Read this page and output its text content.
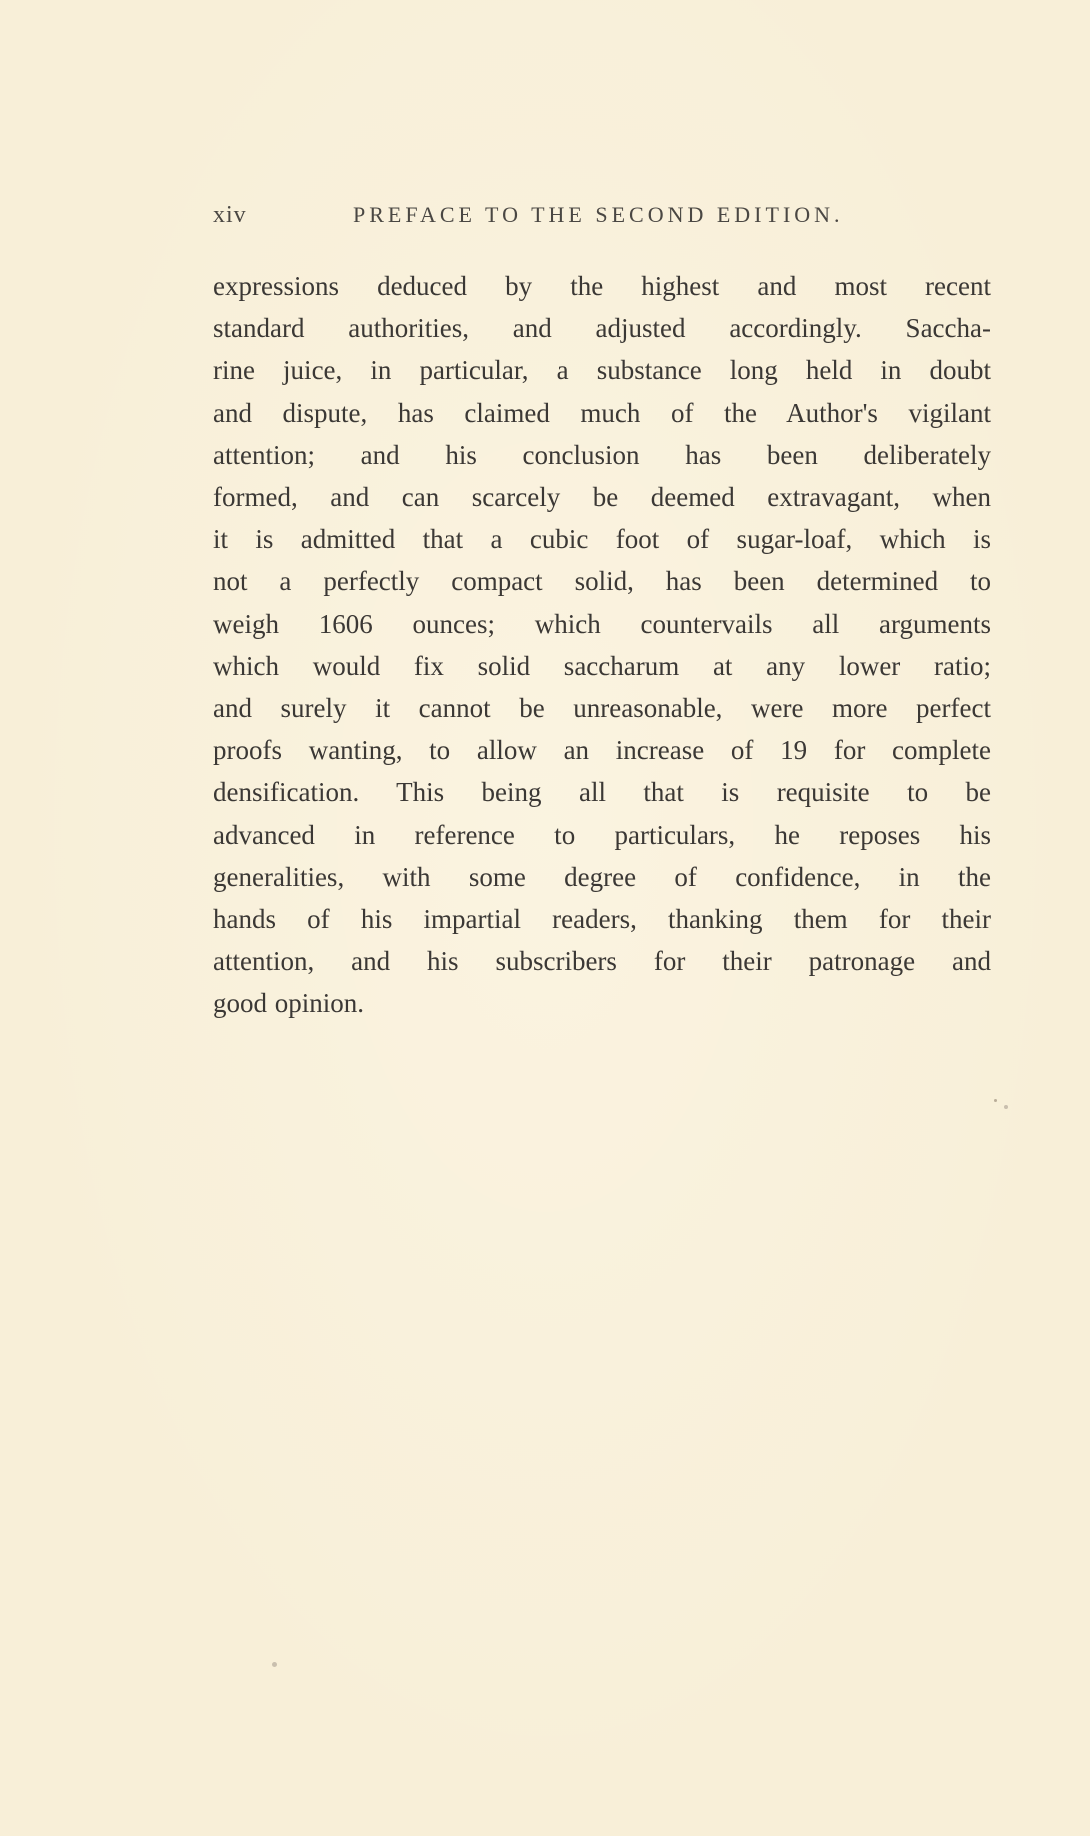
xiv	PREFACE TO THE SECOND EDITION.

expressions deduced by the highest and most recent
standard authorities, and adjusted accordingly. Saccha-
rine juice, in particular, a substance long held in doubt
and dispute, has claimed much of the Author's vigilant
attention; and his conclusion has been deliberately
formed, and can scarcely be deemed extravagant, when
it is admitted that a cubic foot of sugar-loaf, which is
not a perfectly compact solid, has been determined to
weigh 1606 ounces; which countervails all arguments
which would fix solid saccharum at any lower ratio;
and surely it cannot be unreasonable, were more perfect
proofs wanting, to allow an increase of 19 for complete
densification. This being all that is requisite to be
advanced in reference to particulars, he reposes his
generalities, with some degree of confidence, in the
hands of his impartial readers, thanking them for their
attention, and his subscribers for their patronage and
good opinion.
